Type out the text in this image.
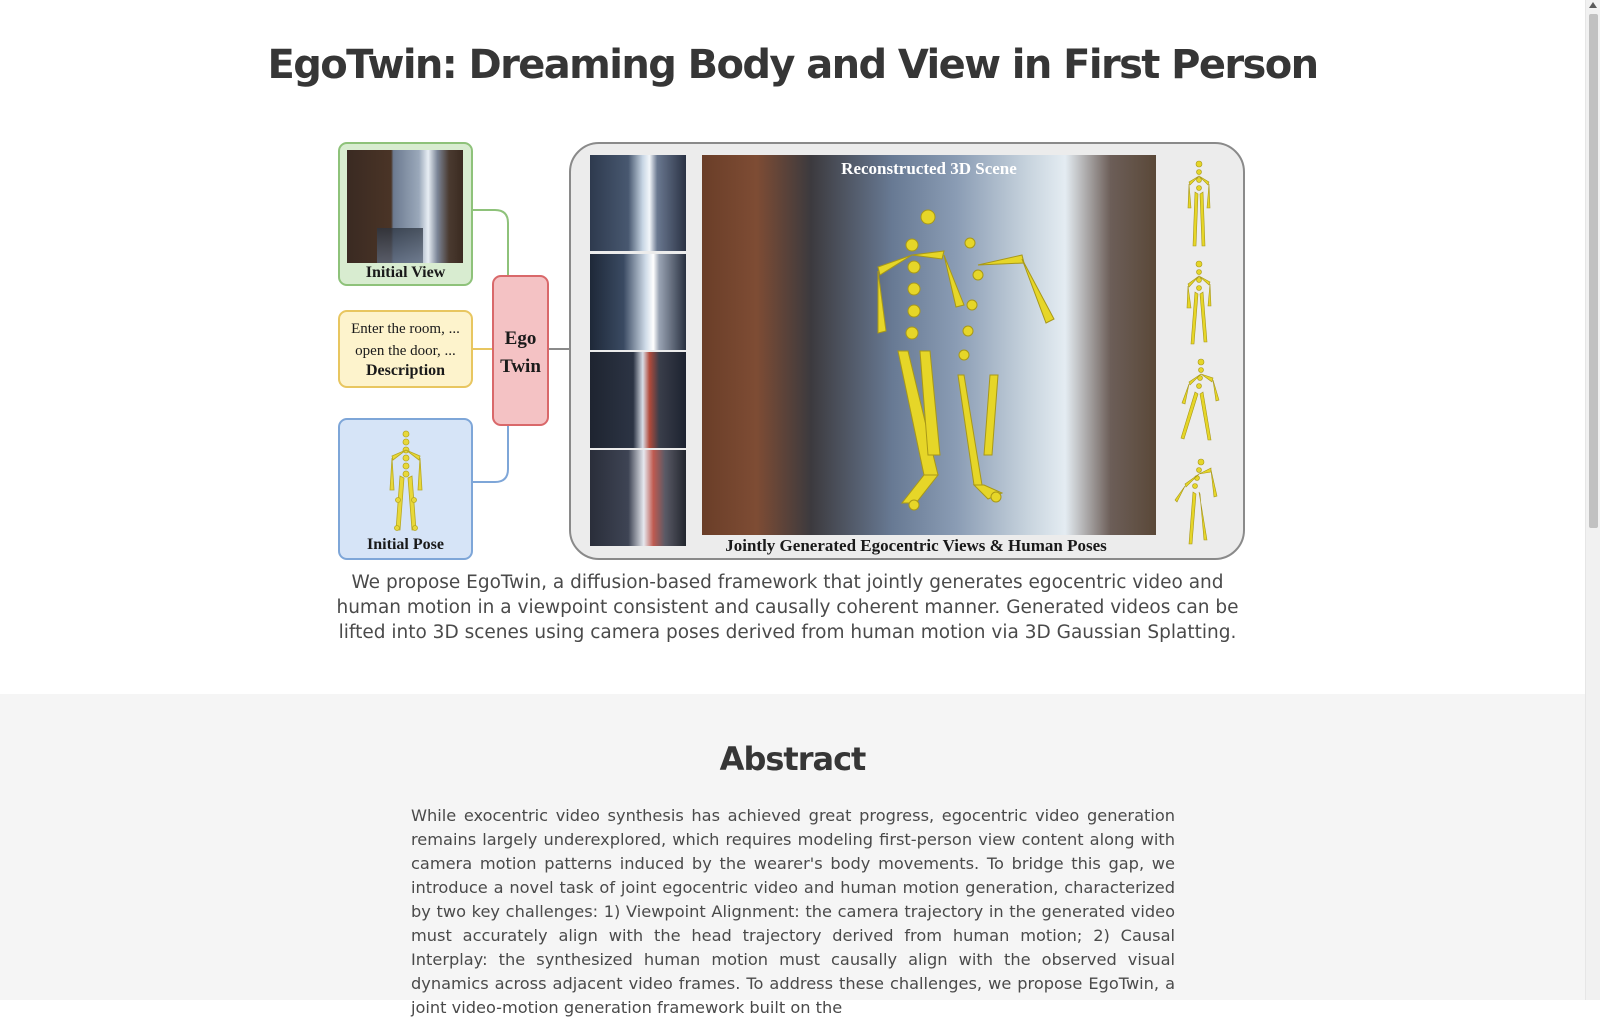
EgoTwin: Dreaming Body and View in First Person
Initial View
Enter the room, ...
open the door, ...
Description
Initial Pose
Ego
Twin
Reconstructed 3D Scene
Jointly Generated Egocentric Views & Human Poses

We propose EgoTwin, a diffusion-based framework that jointly generates egocentric video and human motion in a viewpoint consistent and causally coherent manner. Generated videos can be lifted into 3D scenes using camera poses derived from human motion via 3D Gaussian Splatting.

Abstract

While exocentric video synthesis has achieved great progress, egocentric video generation remains largely underexplored, which requires modeling first-person view content along with camera motion patterns induced by the wearer's body movements. To bridge this gap, we introduce a novel task of joint egocentric video and human motion generation, characterized by two key challenges: 1) Viewpoint Alignment: the camera trajectory in the generated video must accurately align with the head trajectory derived from human motion; 2) Causal Interplay: the synthesized human motion must causally align with the observed visual dynamics across adjacent video frames. To address these challenges, we propose EgoTwin, a joint video-motion generation framework built on the
